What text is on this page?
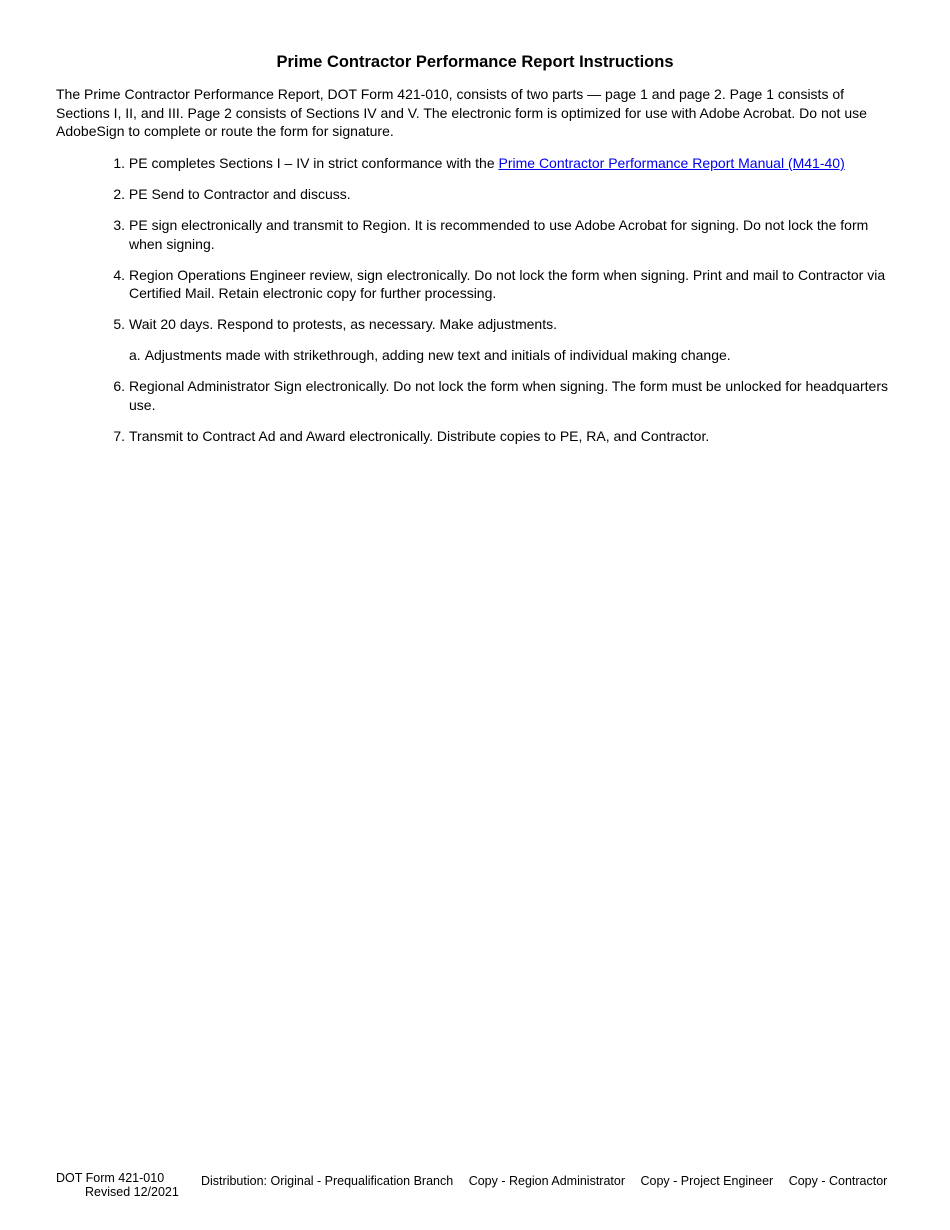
Prime Contractor Performance Report Instructions

The Prime Contractor Performance Report, DOT Form 421-010, consists of two parts — page 1 and page 2. Page 1 consists of Sections I, II, and III. Page 2 consists of Sections IV and V. The electronic form is optimized for use with Adobe Acrobat. Do not use AdobeSign to complete or route the form for signature.

1. PE completes Sections I – IV in strict conformance with the Prime Contractor Performance Report Manual (M41-40)
2. PE Send to Contractor and discuss.
3. PE sign electronically and transmit to Region. It is recommended to use Adobe Acrobat for signing. Do not lock the form when signing.
4. Region Operations Engineer review, sign electronically. Do not lock the form when signing. Print and mail to Contractor via Certified Mail. Retain electronic copy for further processing.
5. Wait 20 days. Respond to protests, as necessary. Make adjustments.
a. Adjustments made with strikethrough, adding new text and initials of individual making change.
6. Regional Administrator Sign electronically. Do not lock the form when signing. The form must be unlocked for headquarters use.
7. Transmit to Contract Ad and Award electronically. Distribute copies to PE, RA, and Contractor.
DOT Form 421-010
Revised 12/2021
Distribution: Original - Prequalification Branch Copy - Region Administrator Copy - Project Engineer Copy - Contractor
